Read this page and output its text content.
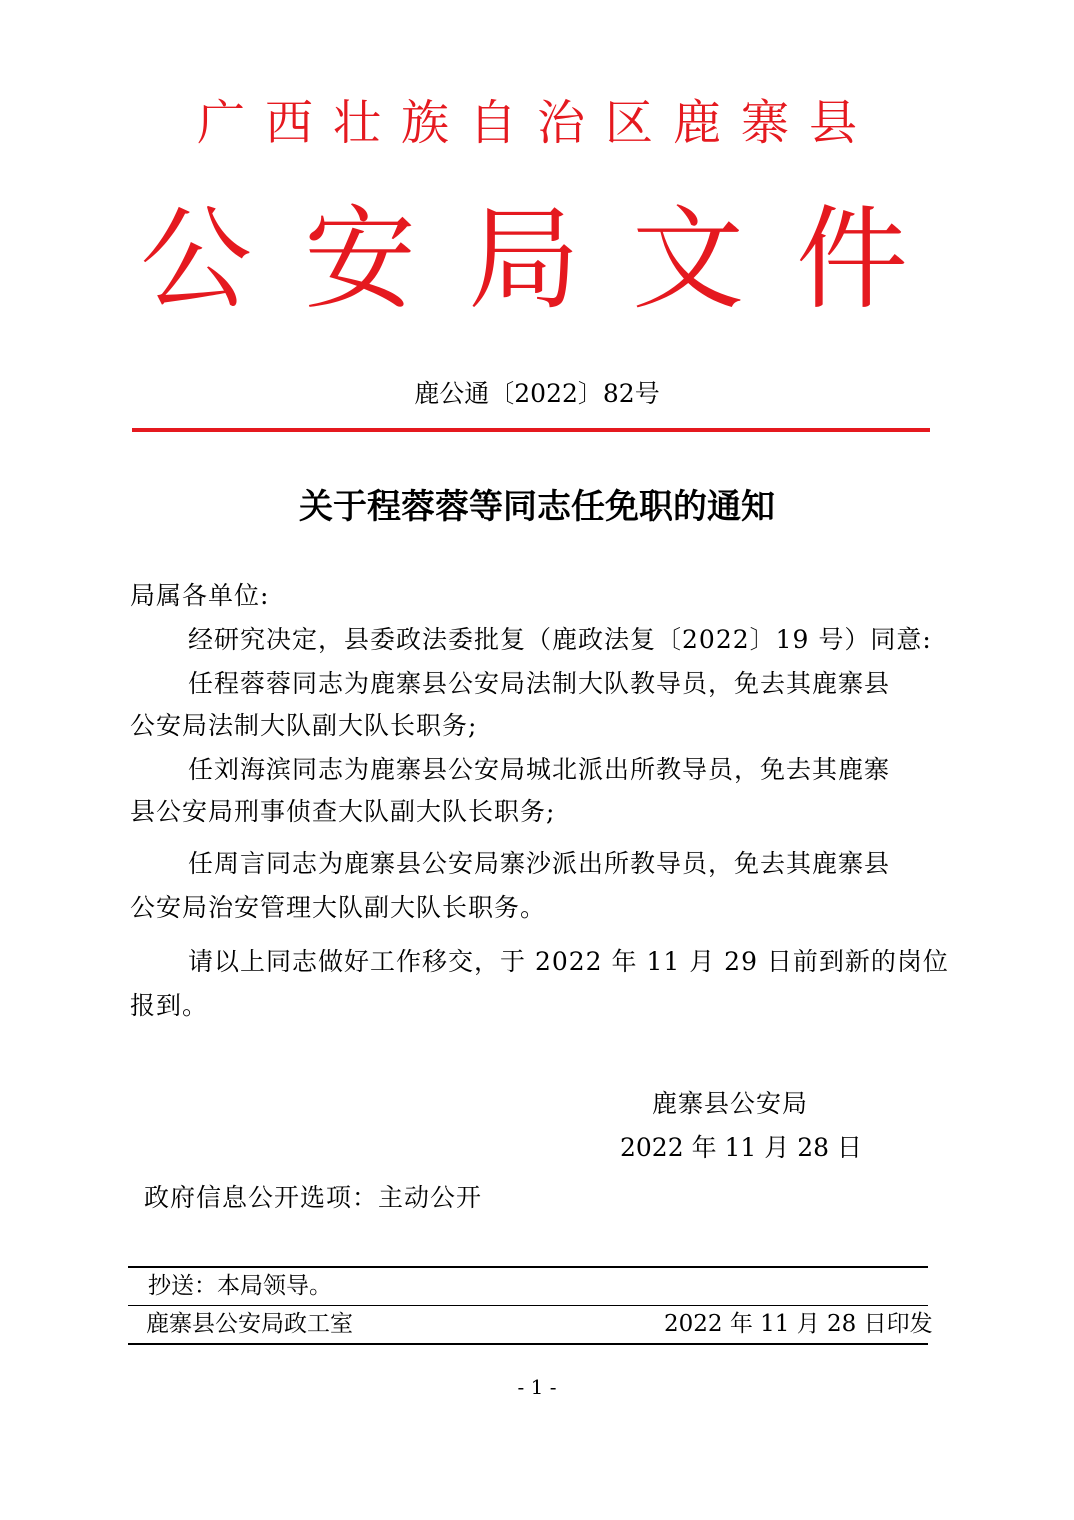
广西壮族自治区鹿寨县
公安局文件
鹿公通〔2022〕82号
关于程蓉蓉等同志任免职的通知
局属各单位:
经研究决定，县委政法委批复（鹿政法复〔2022〕19 号）同意:
任程蓉蓉同志为鹿寨县公安局法制大队教导员，免去其鹿寨县
公安局法制大队副大队长职务;
任刘海滨同志为鹿寨县公安局城北派出所教导员，免去其鹿寨
县公安局刑事侦查大队副大队长职务;
任周言同志为鹿寨县公安局寨沙派出所教导员，免去其鹿寨县
公安局治安管理大队副大队长职务。
请以上同志做好工作移交，于 2022 年 11 月 29 日前到新的岗位
报到。
鹿寨县公安局
2022 年 11 月 28 日
政府信息公开选项：主动公开
抄送：本局领导。
鹿寨县公安局政工室	2022 年 11 月 28 日印发
- 1 -
